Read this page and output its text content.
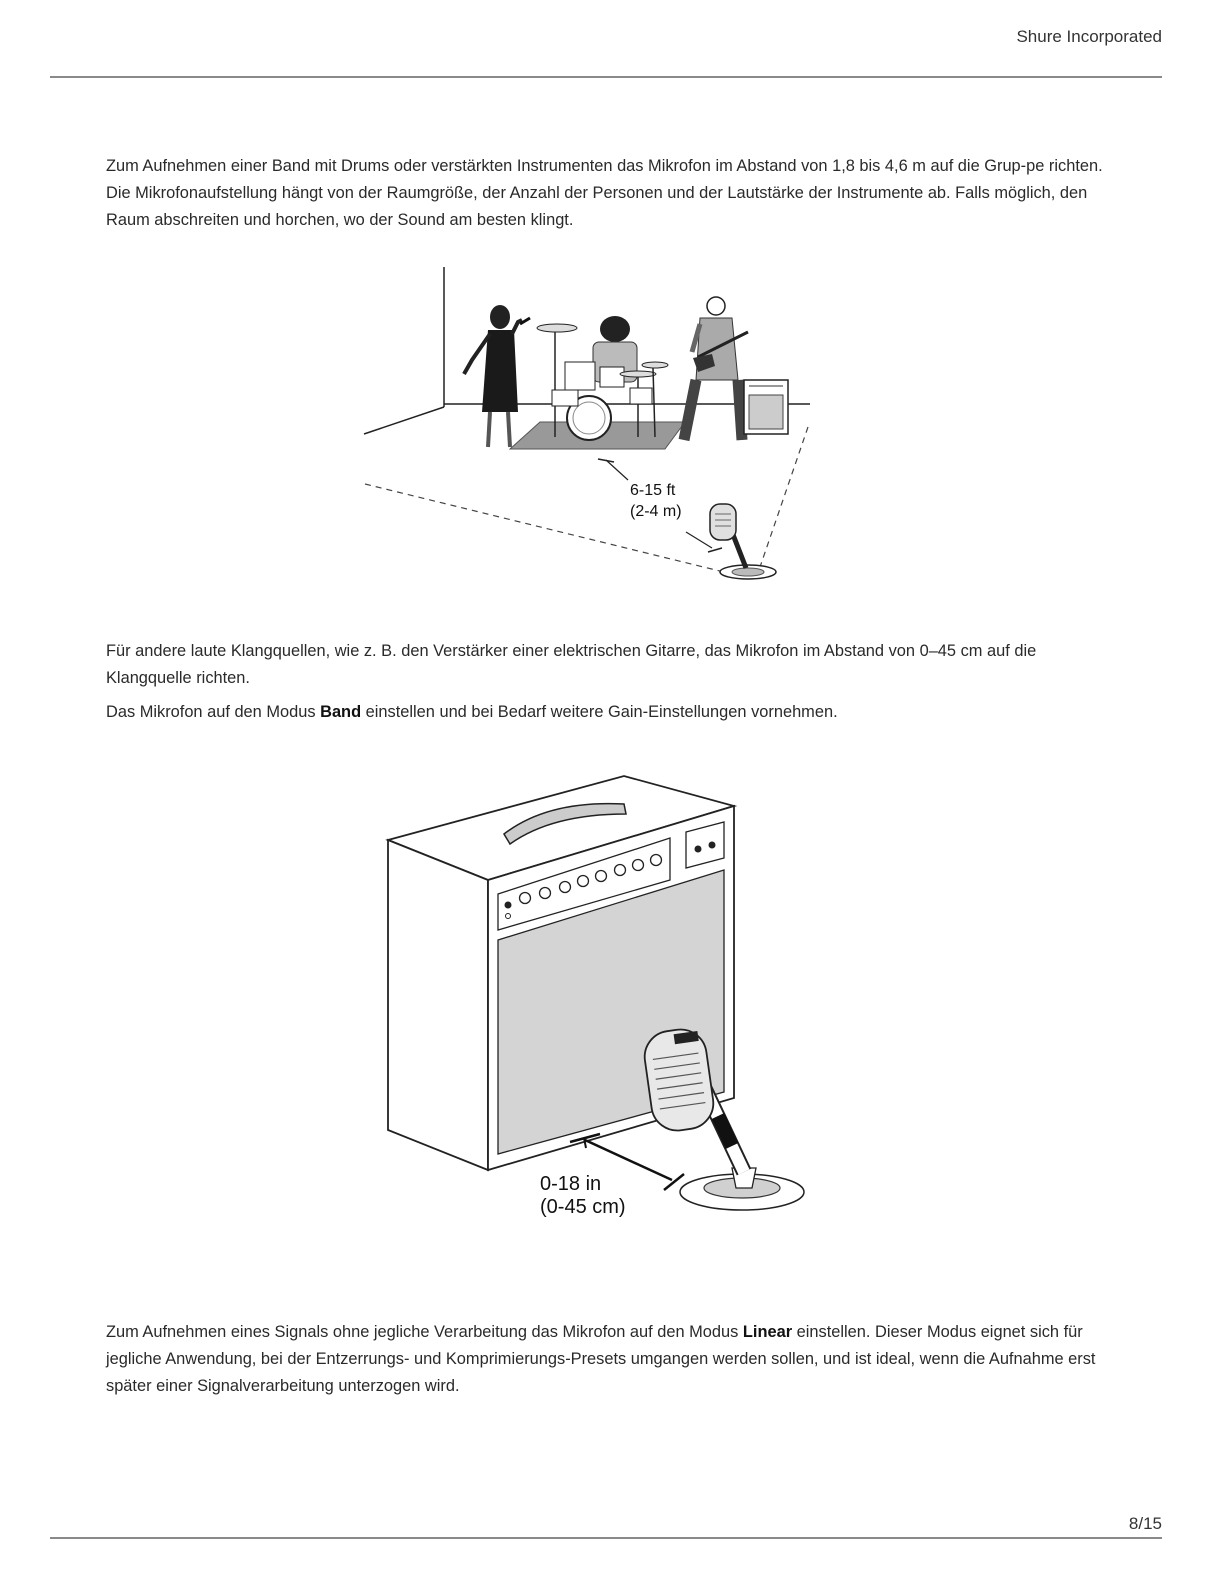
Shure Incorporated

Zum Aufnehmen einer Band mit Drums oder verstärkten Instrumenten das Mikrofon im Abstand von 1,8 bis 4,6 m auf die Grup-pe richten. Die Mikrofonaufstellung hängt von der Raumgröße, der Anzahl der Personen und der Lautstärke der Instrumente ab. Falls möglich, den Raum abschreiten und horchen, wo der Sound am besten klingt.

6-15 ft
(2-4 m)

Für andere laute Klangquellen, wie z. B. den Verstärker einer elektrischen Gitarre, das Mikrofon im Abstand von 0–45 cm auf die Klangquelle richten.

Das Mikrofon auf den Modus Band einstellen und bei Bedarf weitere Gain-Einstellungen vornehmen.

0-18 in
(0-45 cm)

Zum Aufnehmen eines Signals ohne jegliche Verarbeitung das Mikrofon auf den Modus Linear einstellen. Dieser Modus eignet sich für jegliche Anwendung, bei der Entzerrungs- und Komprimierungs-Presets umgangen werden sollen, und ist ideal, wenn die Aufnahme erst später einer Signalverarbeitung unterzogen wird.

8/15
